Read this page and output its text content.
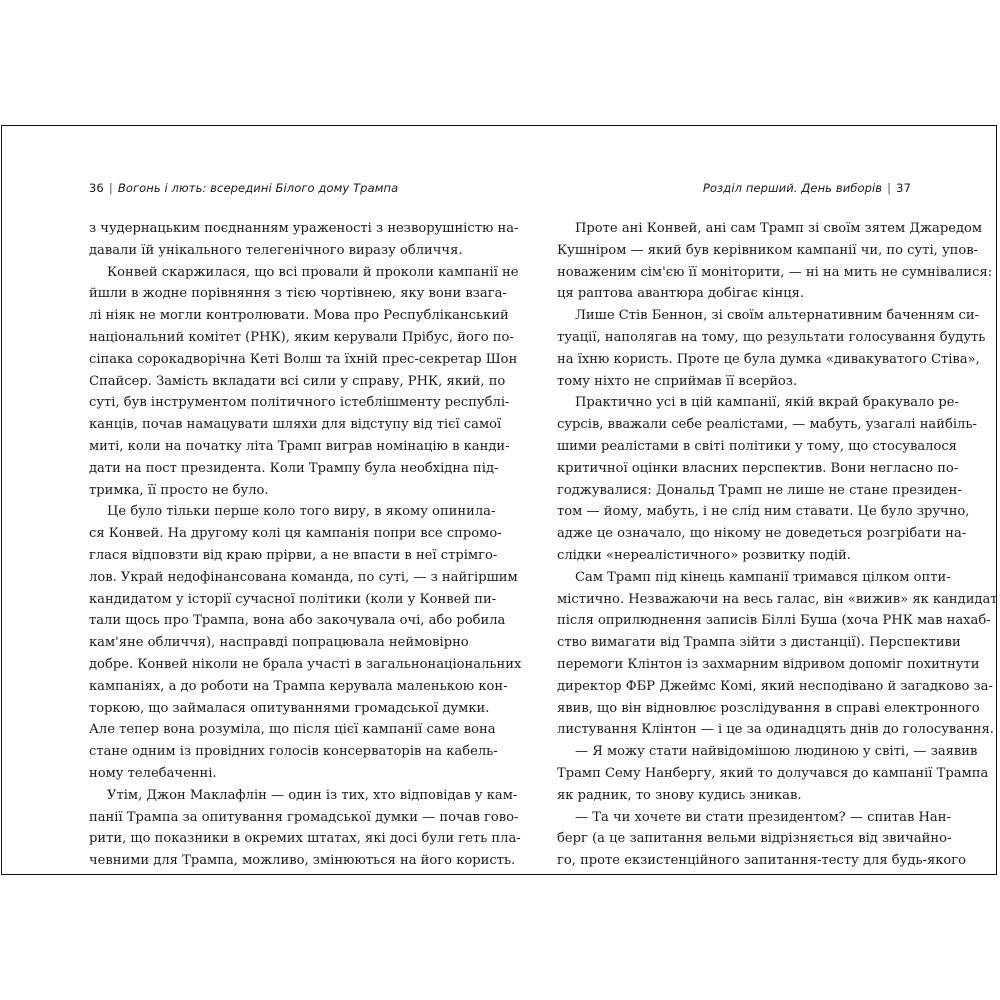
36 | Вогонь і лють: всередині Білого дому Трампа
з чудернацьким поєднанням ураженості з незворушністю на-
давали їй унікального телегенічного виразу обличчя.
Конвей скаржилася, що всі провали й проколи кампанії не
йшли в жодне порівняння з тією чортівнею, яку вони взага-
лі ніяк не могли контролювати. Мова про Республіканський
національний комітет (РНК), яким керували Прібус, його по-
сіпака сорокадворічна Кеті Волш та їхній прес-секретар Шон
Спайсер. Замість вкладати всі сили у справу, РНК, який, по
суті, був інструментом політичного істеблішменту республі-
канців, почав намацувати шляхи для відступу від тієї самої
миті, коли на початку літа Трамп виграв номінацію в канди-
дати на пост президента. Коли Трампу була необхідна під-
тримка, її просто не було.
Це було тільки перше коло того виру, в якому опинила-
ся Конвей. На другому колі ця кампанія попри все спромо-
глася відповзти від краю прірви, а не впасти в неї стрімго-
лов. Украй недофінансована команда, по суті, — з найгіршим
кандидатом у історії сучасної політики (коли у Конвей пи-
тали щось про Трампа, вона або закочувала очі, або робила
кам'яне обличчя), насправді попрацювала неймовірно
добре. Конвей ніколи не брала участі в загальнонаціональних
кампаніях, а до роботи на Трампа керувала маленькою кон-
торкою, що займалася опитуваннями громадської думки.
Але тепер вона розуміла, що після цієї кампанії саме вона
стане одним із провідних голосів консерваторів на кабель-
ному телебаченні.
Утім, Джон Маклафлін — один із тих, хто відповідав у кам-
панії Трампа за опитування громадської думки — почав гово-
рити, що показники в окремих штатах, які досі були геть пла-
чевними для Трампа, можливо, змінюються на його користь.
Розділ перший. День виборів | 37
Проте ані Конвей, ані сам Трамп зі своїм зятем Джаредом
Кушніром — який був керівником кампанії чи, по суті, упов-
новаженим сім'єю її моніторити, — ні на мить не сумнівалися:
ця раптова авантюра добігає кінця.
Лише Стів Беннон, зі своїм альтернативним баченням си-
туації, наполягав на тому, що результати голосування будуть
на їхню користь. Проте це була думка «дивакуватого Стіва»,
тому ніхто не сприймав її всерйоз.
Практично усі в цій кампанії, якій вкрай бракувало ре-
сурсів, вважали себе реалістами, — мабуть, узагалі найбіль-
шими реалістами в світі політики у тому, що стосувалося
критичної оцінки власних перспектив. Вони негласно по-
годжувалися: Дональд Трамп не лише не стане президен-
том — йому, мабуть, і не слід ним ставати. Це було зручно,
адже це означало, що нікому не доведеться розгрібати на-
слідки «нереалістичного» розвитку подій.
Сам Трамп під кінець кампанії тримався цілком опти-
містично. Незважаючи на весь галас, він «вижив» як кандидат
після оприлюднення записів Біллі Буша (хоча РНК мав нахаб-
ство вимагати від Трампа зійти з дистанції). Перспективи
перемоги Клінтон із захмарним відривом допоміг похитнути
директор ФБР Джеймс Комі, який несподівано й загадково за-
явив, що він відновлює розслідування в справі електронного
листування Клінтон — і це за одинадцять днів до голосування.
— Я можу стати найвідомішою людиною у світі, — заявив
Трамп Сему Нанбергу, який то долучався до кампанії Трампа
як радник, то знову кудись зникав.
— Та чи хочете ви стати президентом? — спитав Нан-
берг (а це запитання вельми відрізняється від звичайно-
го, проте екзистенційного запитання-тесту для будь-якого
